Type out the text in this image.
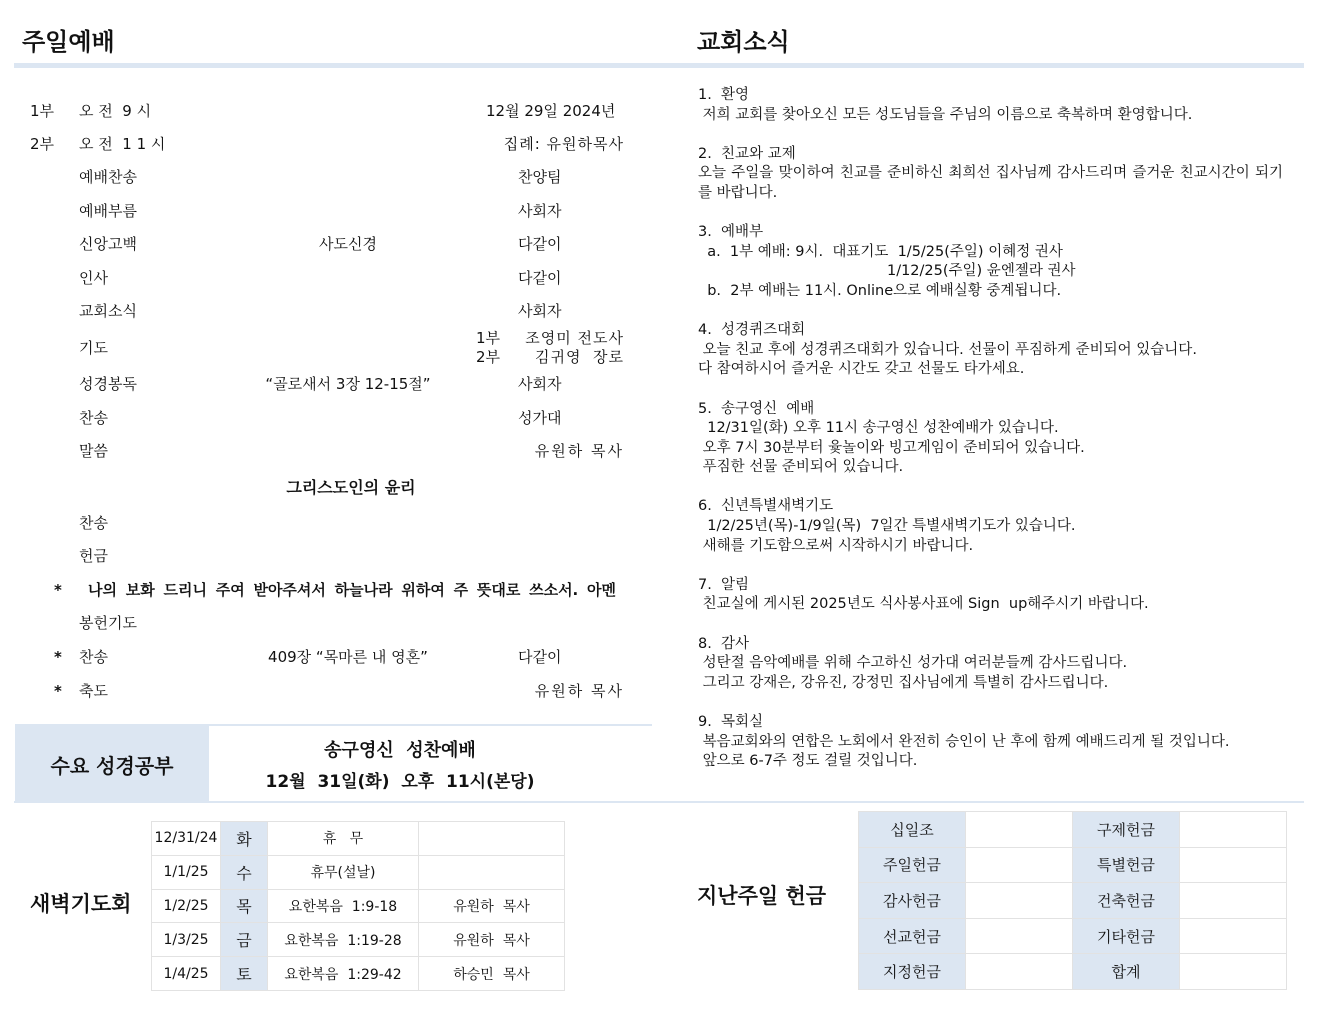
주일예배	교회소식
1부 오 전  9 시	12월 29일 2024년
2부 오 전  1 1 시	집례: 유원하목사
예배찬송	찬양팀
예배부름	사회자
신앙고백	사도신경	다같이
인사	다같이
교회소식	사회자
기도
1부	조영미 전도사
2부	김귀영  장로
성경봉독	“골로새서 3장 12-15절”	사회자
찬송	성가대
말씀	유원하 목사
그리스도인의 윤리
찬송
헌금
* 나의 보화 드리니 주여 받아주셔서 하늘나라 위하여 주 뜻대로 쓰소서. 아멘
봉헌기도
* 찬송	409장 “목마른 내 영혼”	다같이
* 축도	유원하 목사
수요 성경공부
송구영신  성찬예배
12월  31일(화)  오후  11시(본당)
1.  환영
저희 교회를 찾아오신 모든 성도님들을 주님의 이름으로 축복하며 환영합니다.
2.  친교와 교제
오늘 주일을 맞이하여 친교를 준비하신 최희선 집사님께 감사드리며 즐거운 친교시간이 되기를 바랍니다.
3.  예배부
a.  1부 예배: 9시.  대표기도  1/5/25(주일) 이혜정 권사
1/12/25(주일) 윤엔젤라 권사
b.  2부 예배는 11시. Online으로 예배실황 중계됩니다.
4.  성경퀴즈대회
오늘 친교 후에 성경퀴즈대회가 있습니다. 선물이 푸짐하게 준비되어 있습니다.
다 참여하시어 즐거운 시간도 갖고 선물도 타가세요.
5.  송구영신  예배
12/31일(화) 오후 11시 송구영신 성찬예배가 있습니다.
오후 7시 30분부터 윷놀이와 빙고게임이 준비되어 있습니다.
푸짐한 선물 준비되어 있습니다.
6.  신년특별새벽기도
1/2/25년(목)-1/9일(목)  7일간 특별새벽기도가 있습니다.
새해를 기도함으로써 시작하시기 바랍니다.
7.  알림
친교실에 게시된 2025년도 식사봉사표에 Sign  up해주시기 바랍니다.
8.  감사
성탄절 음악예배를 위해 수고하신 성가대 여러분들께 감사드립니다.
그리고 강재은, 강유진, 강정민 집사님에게 특별히 감사드립니다.
9.  목회실
복음교회와의 연합은 노회에서 완전히 승인이 난 후에 함께 예배드리게 될 것입니다.
앞으로 6-7주 정도 걸릴 것입니다.
새벽기도회
12/31/24	화	휴   무	
1/1/25	수	휴무(설날)	
1/2/25	목	요한복음  1:9-18	유원하  목사
1/3/25	금	요한복음  1:19-28	유원하  목사
1/4/25	토	요한복음  1:29-42	하승민  목사
지난주일 헌금
십일조		구제헌금	
주일헌금		특별헌금	
감사헌금		건축헌금	
선교헌금		기타헌금	
지정헌금		합계	
